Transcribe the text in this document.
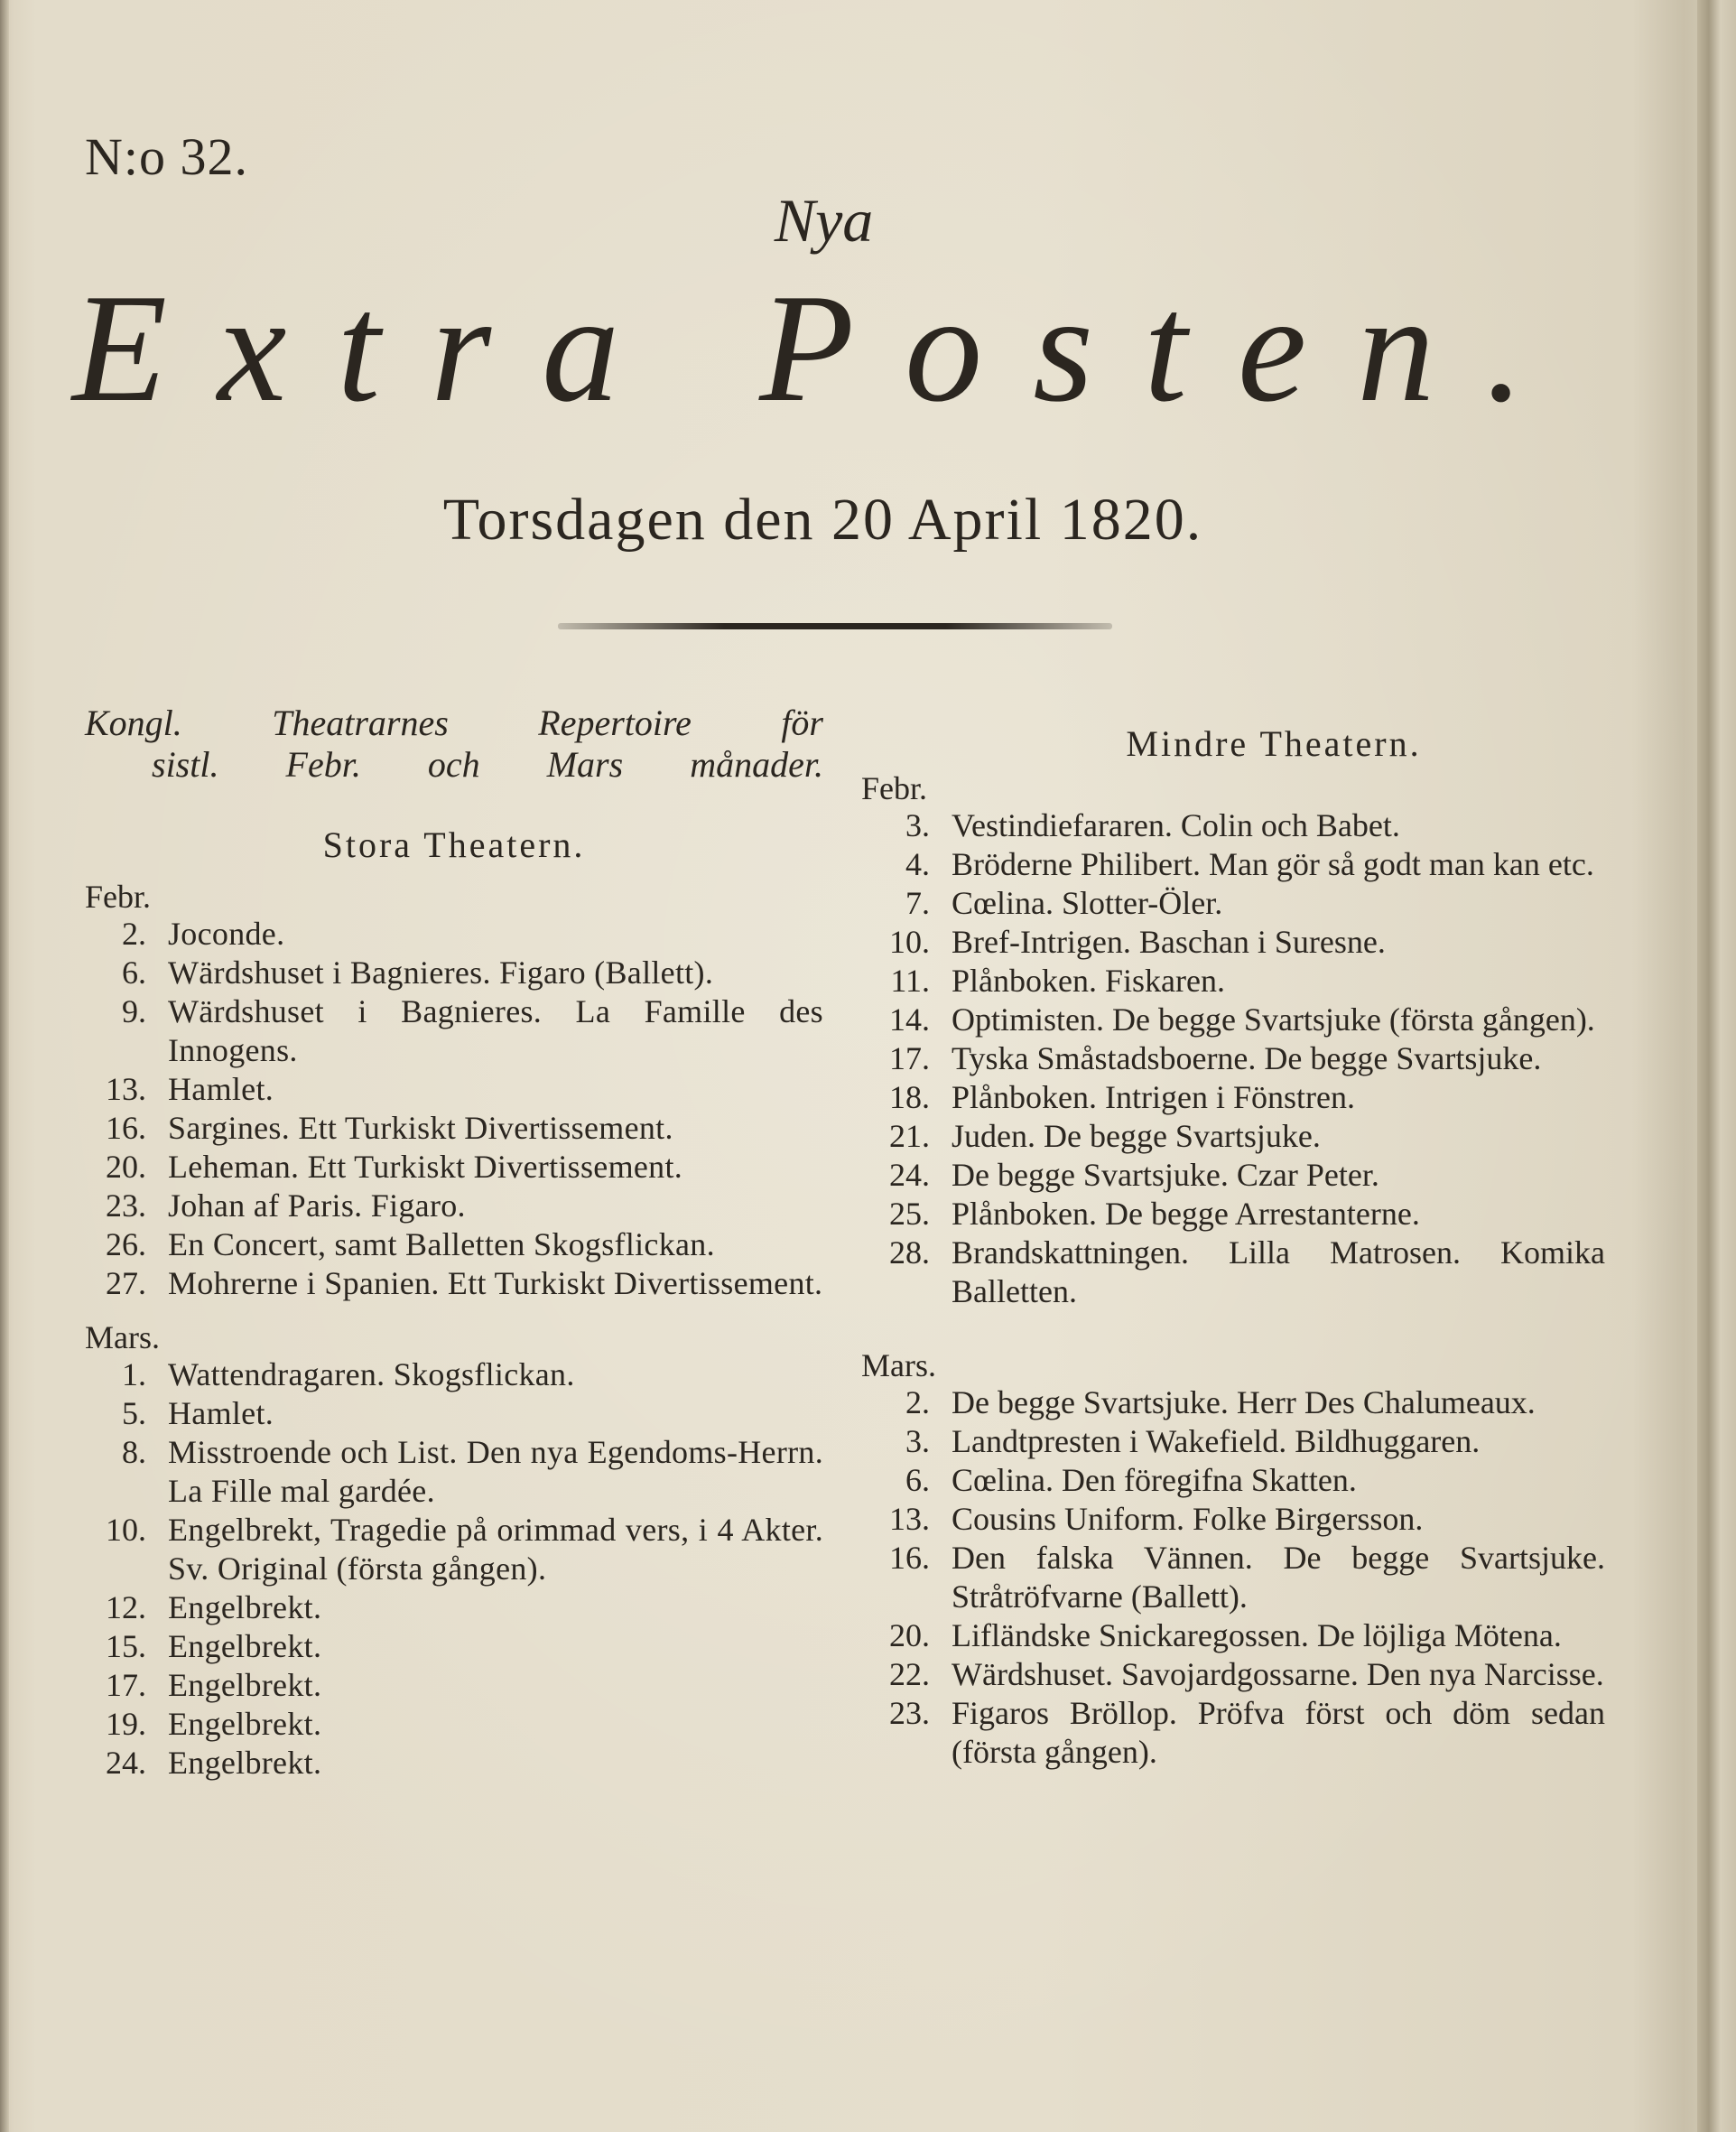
N:o 32.
Nya
Extra Posten.
Torsdagen den 20 April 1820.
Kongl. Theatrarnes Repertoire för
sistl. Febr. och Mars månader.
Stora Theatern.
Febr.
2. Joconde.
6. Wärdshuset i Bagnieres. Figaro (Ballett).
9. Wärdshuset i Bagnieres. La Famille des Innogens.
13. Hamlet.
16. Sargines. Ett Turkiskt Divertissement.
20. Leheman. Ett Turkiskt Divertissement.
23. Johan af Paris. Figaro.
26. En Concert, samt Balletten Skogsflickan.
27. Mohrerne i Spanien. Ett Turkiskt Divertissement.
Mars.
1. Wattendragaren. Skogsflickan.
5. Hamlet.
8. Misstroende och List. Den nya Egendoms-Herrn. La Fille mal gardée.
10. Engelbrekt, Tragedie på orimmad vers, i 4 Akter. Sv. Original (första gången).
12. Engelbrekt.
15. Engelbrekt.
17. Engelbrekt.
19. Engelbrekt.
24. Engelbrekt.
Mindre Theatern.
Febr.
3. Vestindiefararen. Colin och Babet.
4. Bröderne Philibert. Man gör så godt man kan etc.
7. Cœlina. Slotter-Öler.
10. Bref-Intrigen. Baschan i Suresne.
11. Plånboken. Fiskaren.
14. Optimisten. De begge Svartsjuke (första gången).
17. Tyska Småstadsboerne. De begge Svartsjuke.
18. Plånboken. Intrigen i Fönstren.
21. Juden. De begge Svartsjuke.
24. De begge Svartsjuke. Czar Peter.
25. Plånboken. De begge Arrestanterne.
28. Brandskattningen. Lilla Matrosen. Komika Balletten.
Mars.
2. De begge Svartsjuke. Herr Des Chalumeaux.
3. Landtpresten i Wakefield. Bildhuggaren.
6. Cœlina. Den föregifna Skatten.
13. Cousins Uniform. Folke Birgersson.
16. Den falska Vännen. De begge Svartsjuke. Stråtröfvarne (Ballett).
20. Lifländske Snickaregossen. De löjliga Mötena.
22. Wärdshuset. Savojardgossarne. Den nya Narcisse.
23. Figaros Bröllop. Pröfva först och döm sedan (första gången).
